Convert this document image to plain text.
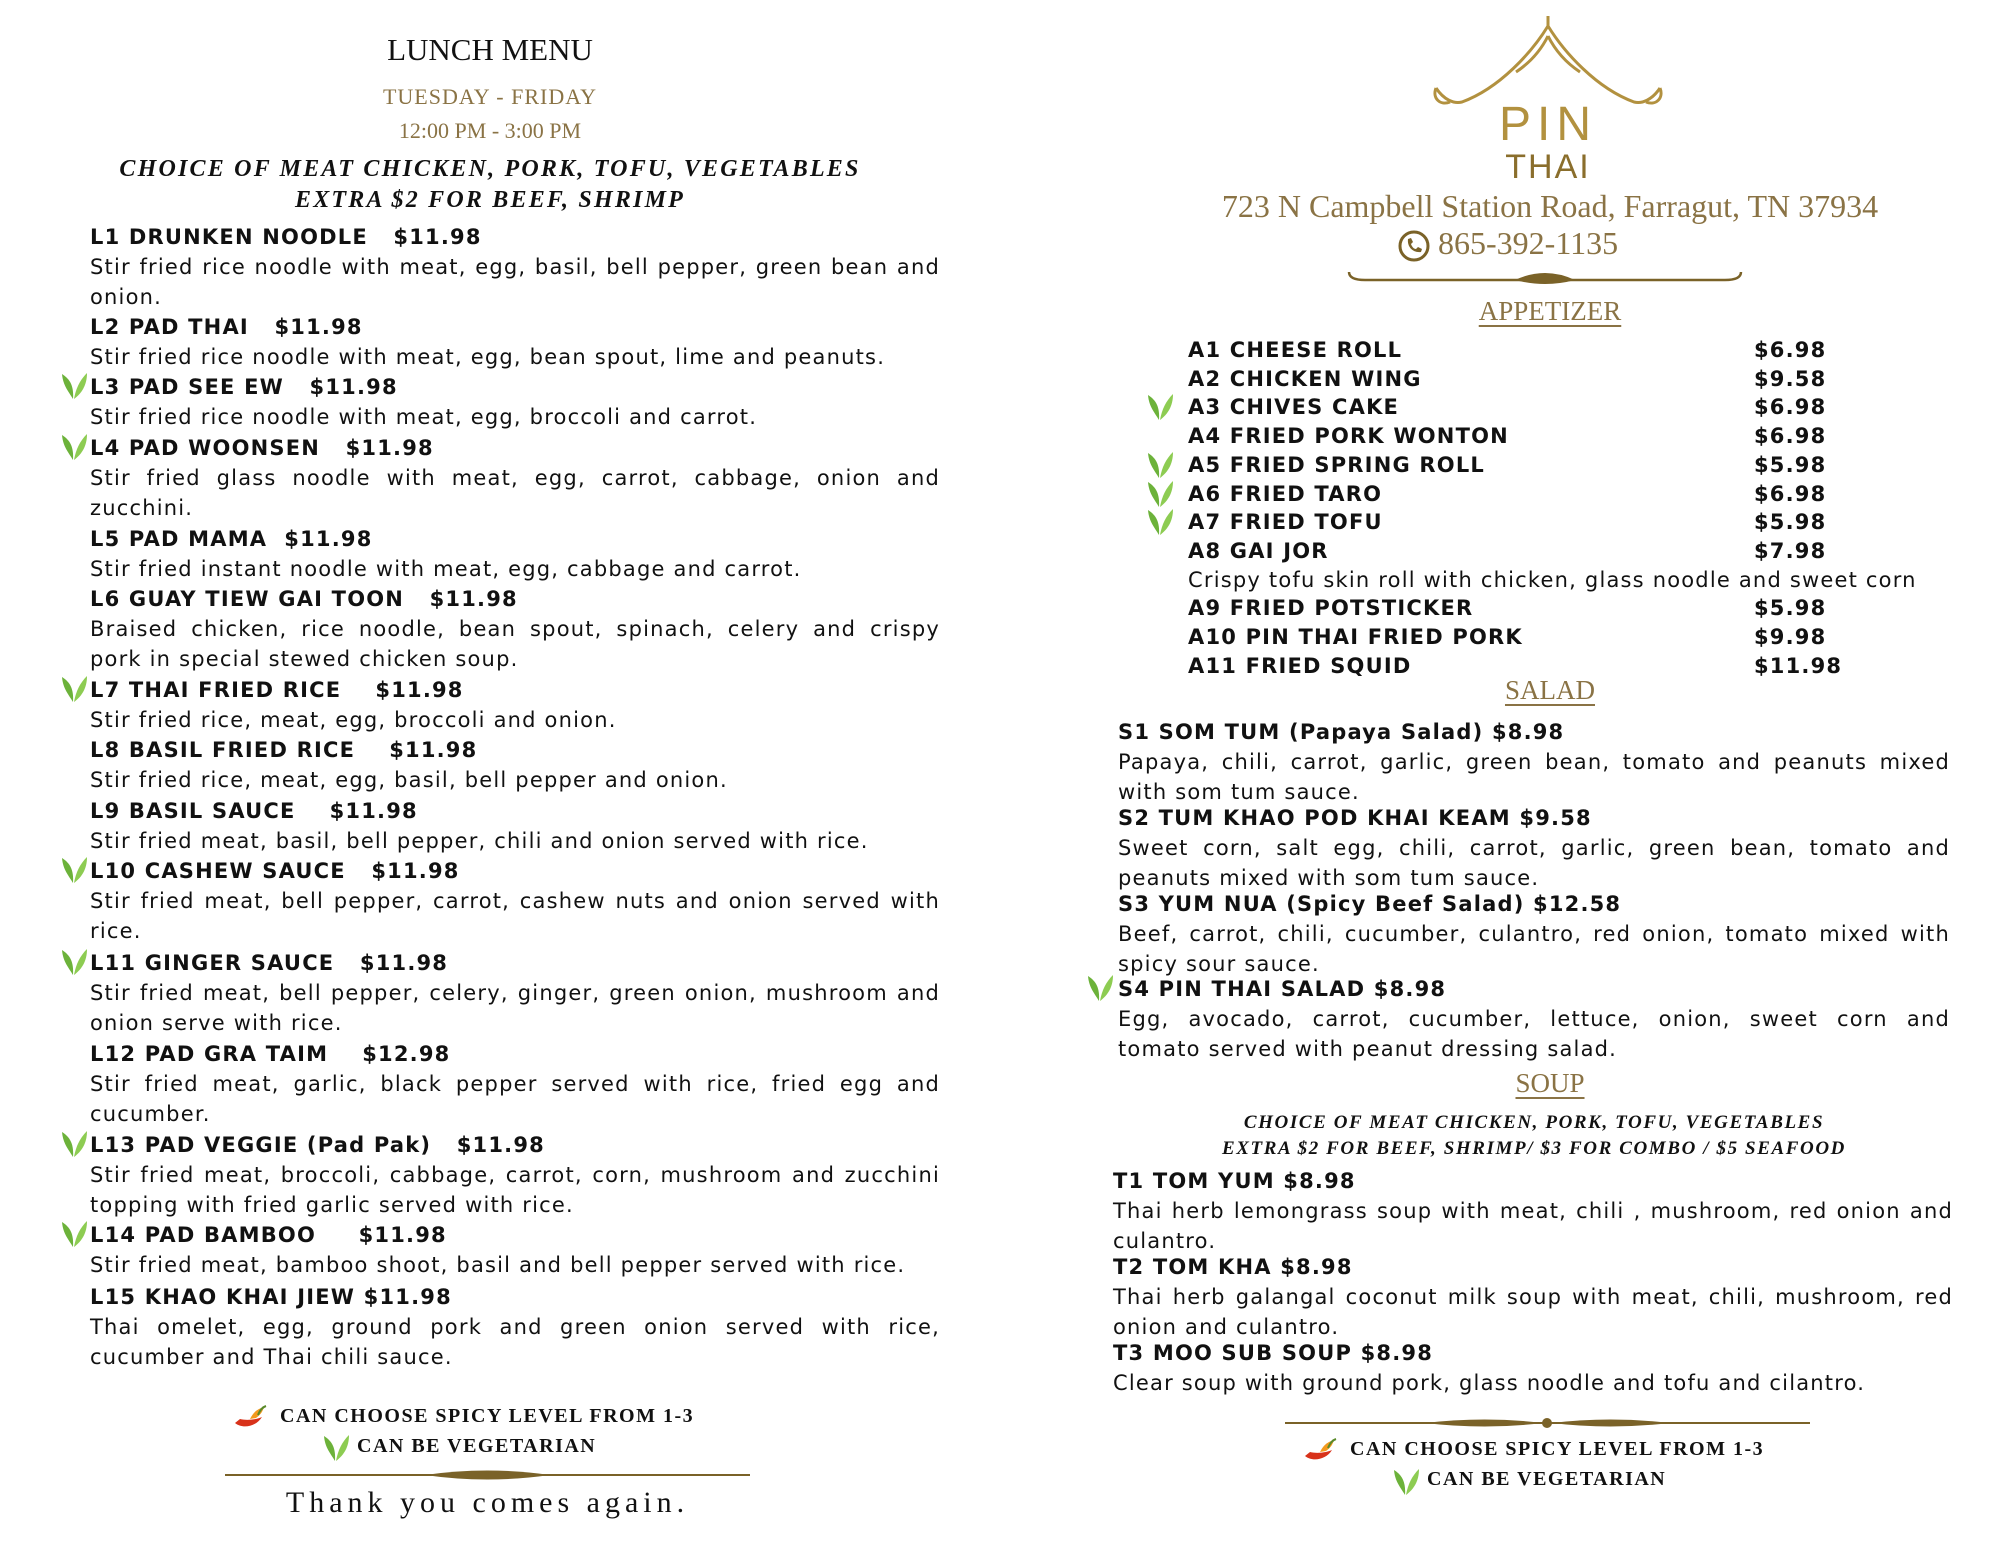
LUNCH MENU
TUESDAY - FRIDAY
12:00 PM - 3:00 PM
CHOICE OF MEAT CHICKEN, PORK, TOFU, VEGETABLES
EXTRA $2 FOR BEEF, SHRIMP
L1 DRUNKEN NOODLE   $11.98
Stir fried rice noodle with meat, egg, basil, bell pepper, green bean and onion.
L2 PAD THAI   $11.98
Stir fried rice noodle with meat, egg, bean spout, lime and peanuts.
L3 PAD SEE EW   $11.98
Stir fried rice noodle with meat, egg, broccoli and carrot.
L4 PAD WOONSEN   $11.98
Stir fried glass noodle with meat, egg, carrot, cabbage, onion and zucchini.
L5 PAD MAMA  $11.98
Stir fried instant noodle with meat, egg, cabbage and carrot.
L6 GUAY TIEW GAI TOON   $11.98
Braised chicken, rice noodle, bean spout, spinach, celery and crispy pork in special stewed chicken soup.
L7 THAI FRIED RICE    $11.98
Stir fried rice, meat, egg, broccoli and onion.
L8 BASIL FRIED RICE    $11.98
Stir fried rice, meat, egg, basil, bell pepper and onion.
L9 BASIL SAUCE    $11.98
Stir fried meat, basil, bell pepper, chili and onion served with rice.
L10 CASHEW SAUCE   $11.98
Stir fried meat, bell pepper, carrot, cashew nuts and onion served with rice.
L11 GINGER SAUCE   $11.98
Stir fried meat, bell pepper, celery, ginger, green onion, mushroom and onion serve with rice.
L12 PAD GRA TAIM    $12.98
Stir fried meat, garlic, black pepper served with rice, fried egg and cucumber.
L13 PAD VEGGIE (Pad Pak)   $11.98
Stir fried meat, broccoli, cabbage, carrot, corn, mushroom and zucchini topping with fried garlic served with rice.
L14 PAD BAMBOO     $11.98
Stir fried meat, bamboo shoot, basil and bell pepper served with rice.
L15 KHAO KHAI JIEW $11.98
Thai omelet, egg, ground pork and green onion served with rice, cucumber and Thai chili sauce.
CAN CHOOSE SPICY LEVEL FROM 1-3
CAN BE VEGETARIAN
Thank you comes again.
PIN
THAI
723 N Campbell Station Road, Farragut, TN 37934
865-392-1135
APPETIZER
A1 CHEESE ROLL	$6.98
A2 CHICKEN WING	$9.58
A3 CHIVES CAKE	$6.98
A4 FRIED PORK WONTON	$6.98
A5 FRIED SPRING ROLL	$5.98
A6 FRIED TARO	$6.98
A7 FRIED TOFU	$5.98
A8 GAI JOR	$7.98
Crispy tofu skin roll with chicken, glass noodle and sweet corn
A9 FRIED POTSTICKER	$5.98
A10 PIN THAI FRIED PORK	$9.98
A11 FRIED SQUID	$11.98
SALAD
S1 SOM TUM (Papaya Salad) $8.98
Papaya, chili, carrot, garlic, green bean, tomato and peanuts mixed with som tum sauce.
S2 TUM KHAO POD KHAI KEAM $9.58
Sweet corn, salt egg, chili, carrot, garlic, green bean, tomato and peanuts mixed with som tum sauce.
S3 YUM NUA (Spicy Beef Salad) $12.58
Beef, carrot, chili, cucumber, culantro, red onion, tomato mixed with spicy sour sauce.
S4 PIN THAI SALAD $8.98
Egg, avocado, carrot, cucumber, lettuce, onion, sweet corn and tomato served with peanut dressing salad.
SOUP
CHOICE OF MEAT CHICKEN, PORK, TOFU, VEGETABLES
EXTRA $2 FOR BEEF, SHRIMP/ $3 FOR COMBO / $5 SEAFOOD
T1 TOM YUM $8.98
Thai herb lemongrass soup with meat, chili , mushroom, red onion and culantro.
T2 TOM KHA $8.98
Thai herb galangal coconut milk soup with meat, chili, mushroom, red onion and culantro.
T3 MOO SUB SOUP $8.98
Clear soup with ground pork, glass noodle and tofu and cilantro.
CAN CHOOSE SPICY LEVEL FROM 1-3
CAN BE VEGETARIAN
